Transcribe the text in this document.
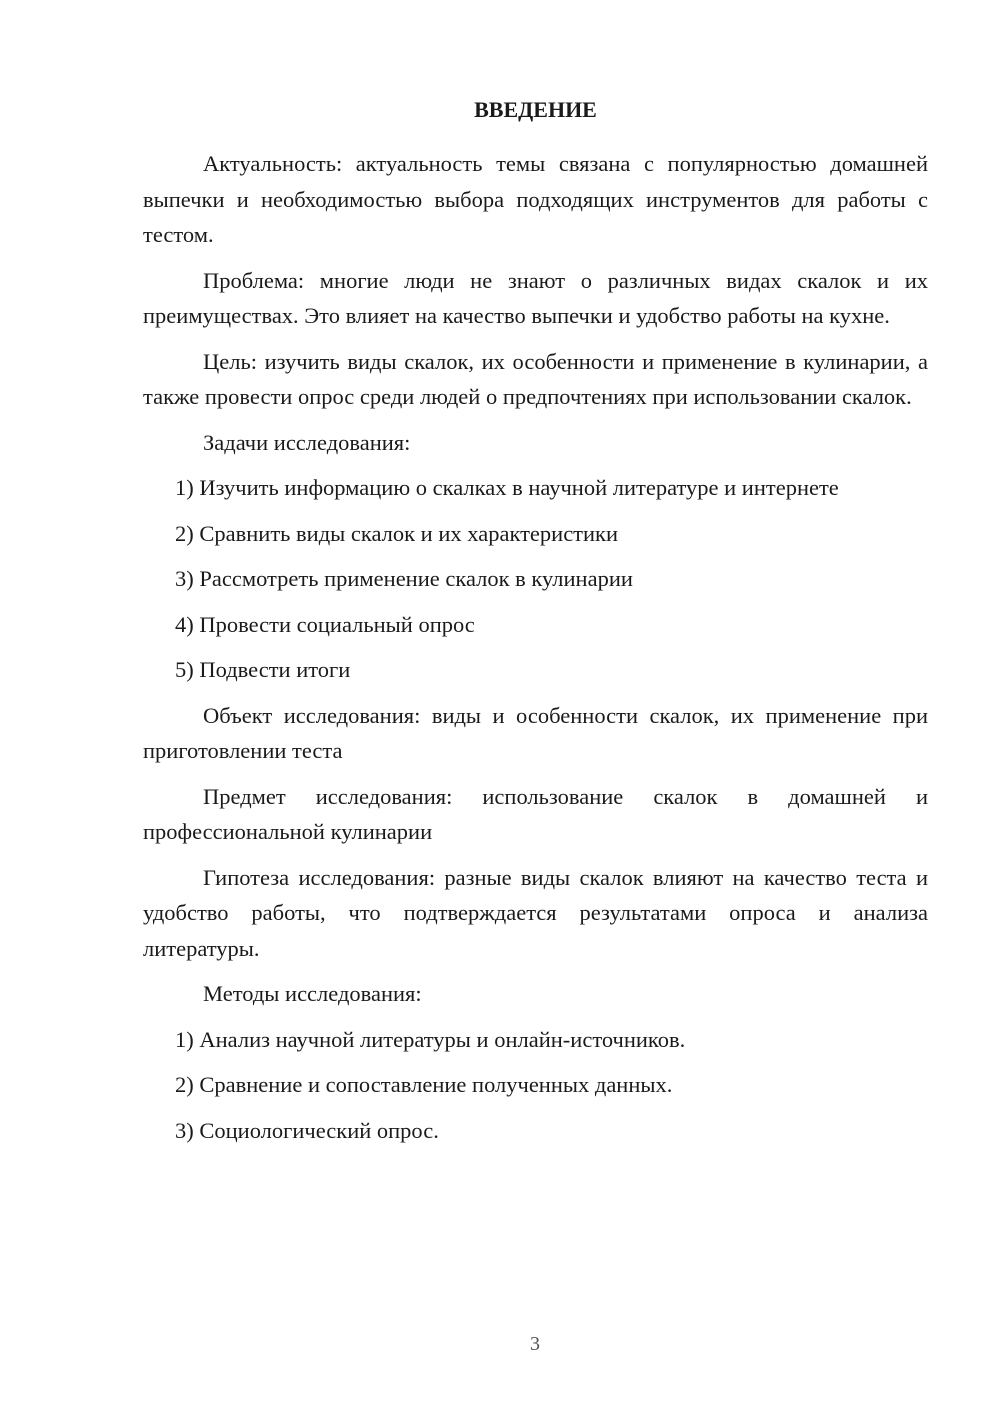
ВВЕДЕНИЕ

Актуальность: актуальность темы связана с популярностью домашней выпечки и необходимостью выбора подходящих инструментов для работы с тестом.

Проблема: многие люди не знают о различных видах скалок и их преимуществах. Это влияет на качество выпечки и удобство работы на кухне.

Цель: изучить виды скалок, их особенности и применение в кулинарии, а также провести опрос среди людей о предпочтениях при использовании скалок.

Задачи исследования:

1) Изучить информацию о скалках в научной литературе и интернете
2) Сравнить виды скалок и их характеристики
3) Рассмотреть применение скалок в кулинарии
4) Провести социальный опрос
5) Подвести итоги

Объект исследования: виды и особенности скалок, их применение при приготовлении теста

Предмет исследования: использование скалок в домашней и профессиональной кулинарии

Гипотеза исследования: разные виды скалок влияют на качество теста и удобство работы, что подтверждается результатами опроса и анализа литературы.

Методы исследования:

1) Анализ научной литературы и онлайн-источников.
2) Сравнение и сопоставление полученных данных.
3) Социологический опрос.
3
